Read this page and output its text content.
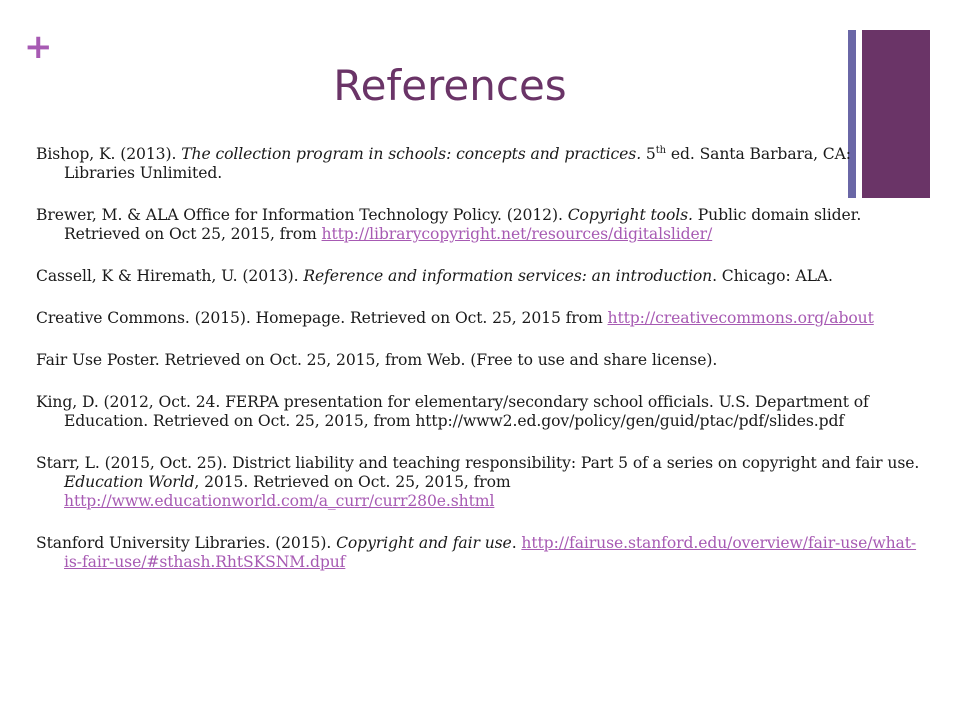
+
References

Bishop, K. (2013). The collection program in schools: concepts and practices. 5th ed. Santa Barbara, CA: Libraries Unlimited.

Brewer, M. & ALA Office for Information Technology Policy. (2012). Copyright tools. Public domain slider. Retrieved on Oct 25, 2015, from http://librarycopyright.net/resources/digitalslider/

Cassell, K & Hiremath, U. (2013). Reference and information services: an introduction. Chicago: ALA.

Creative Commons. (2015). Homepage. Retrieved on Oct. 25, 2015 from http://creativecommons.org/about

Fair Use Poster. Retrieved on Oct. 25, 2015, from Web. (Free to use and share license).

King, D. (2012, Oct. 24. FERPA presentation for elementary/secondary school officials. U.S. Department of Education. Retrieved on Oct. 25, 2015, from http://www2.ed.gov/policy/gen/guid/ptac/pdf/slides.pdf

Starr, L. (2015, Oct. 25). District liability and teaching responsibility: Part 5 of a series on copyright and fair use. Education World, 2015. Retrieved on Oct. 25, 2015, from http://www.educationworld.com/a_curr/curr280e.shtml

Stanford University Libraries. (2015). Copyright and fair use. http://fairuse.stanford.edu/overview/fair-use/what-is-fair-use/#sthash.RhtSKSNM.dpuf
